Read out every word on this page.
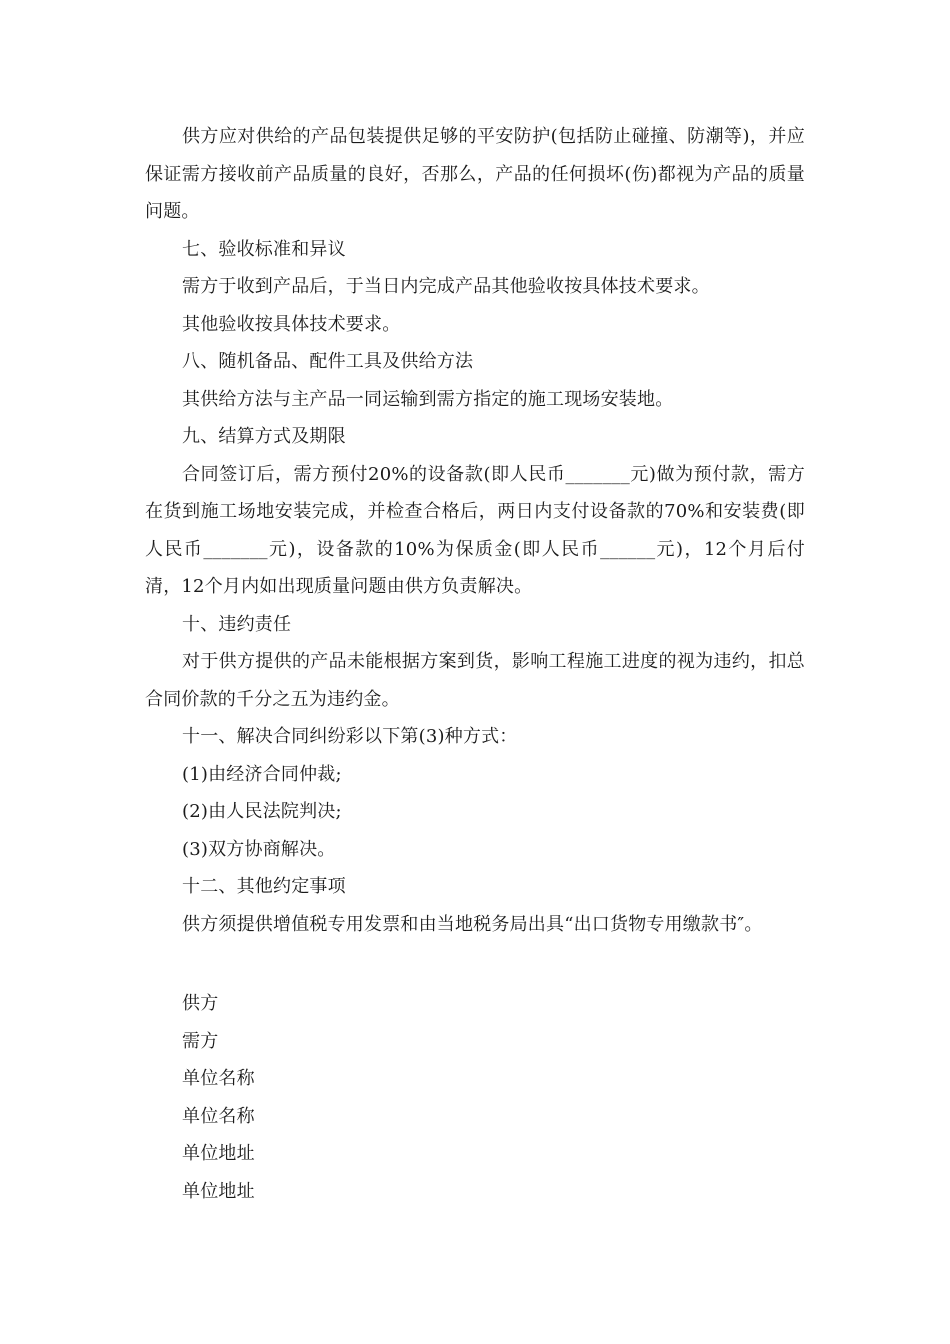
供方应对供给的产品包装提供足够的平安防护(包括防止碰撞、防潮等)，并应保证需方接收前产品质量的良好，否那么，产品的任何损坏(伤)都视为产品的质量问题。

七、验收标准和异议

需方于收到产品后，于当日内完成产品其他验收按具体技术要求。

其他验收按具体技术要求。

八、随机备品、配件工具及供给方法

其供给方法与主产品一同运输到需方指定的施工现场安装地。

九、结算方式及期限

合同签订后，需方预付20%的设备款(即人民币_______元)做为预付款，需方在货到施工场地安装完成，并检查合格后，两日内支付设备款的70%和安装费(即人民币_______元)，设备款的10%为保质金(即人民币______元)，12个月后付清，12个月内如出现质量问题由供方负责解决。

十、违约责任

对于供方提供的产品未能根据方案到货，影响工程施工进度的视为违约，扣总合同价款的千分之五为违约金。

十一、解决合同纠纷彩以下第(3)种方式：

(1)由经济合同仲裁;

(2)由人民法院判决;

(3)双方协商解决。

十二、其他约定事项

供方须提供增值税专用发票和由当地税务局出具“出口货物专用缴款书″。

供方

需方

单位名称

单位名称

单位地址

单位地址
